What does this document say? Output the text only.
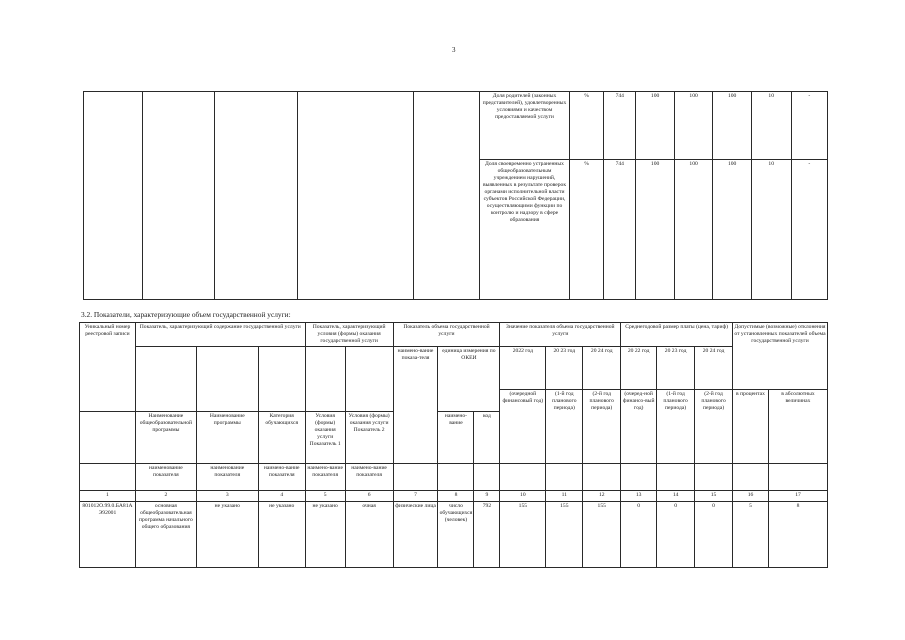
3
					Доля родителей (законных представителей), удовлетворенных условиями и качеством предоставляемой услуги	%	744	100	100	100	10	-
					Доля своевременно устраненных общеобразовательным учреждением нарушений, выявленных в результате проверок органами исполнительной власти субъектов Российской Федерации, осуществляющими функции по контролю и надзору в сфере образования	%	744	100	100	100	10	-
3.2. Показатели, характеризующие объем государственной услуги:
Уникальный номер реестровой записи	Показатель, характеризующий содержание государственной услуги			Показатель, характеризующий условия (формы) оказания государственной услуги		Показатель объема государственной услуги			Значение показателя объема государственной услуги			Среднегодовой размер платы (цена, тариф)			Допустимые (возможные) отклонения от установленных показателей объема государственной услуги	
						наимено-вание показа-теля	единица измерения по ОКЕИ		2022 год	20 23 год	20 24 год	20 22 год	20 23 год	20 24 год		
									(очередной финансовый год)	(1-й год планового периода)	(2-й год планового периода)	(очеред-ной финансо-вый год)	(1-й год планового периода)	(2-й год планового периода)	в процентах	в абсолютных величинах
	Наименование общеобразовательной программы	Наименование программы	Категория обучающихся	Условия (формы) оказания услуги Показатель 1	Условия (формы) оказания услуги Показатель 2		наимено-вание	код								
	наименование показателя	наименование показателя	наимено-вание показателя	наимено-вание показателя	наимено-вание показателя											
1	2	3	4	5	6	7	8	9	10	11	12	13	14	15	16	17
801012О.99.0.БА81АЭ92001	основная общеобразовательная программа начального общего образования	не указано	не указано	не указано	очная	физические лица	число обучающихся (человек)	792	155	155	155	0	0	0	5	8
